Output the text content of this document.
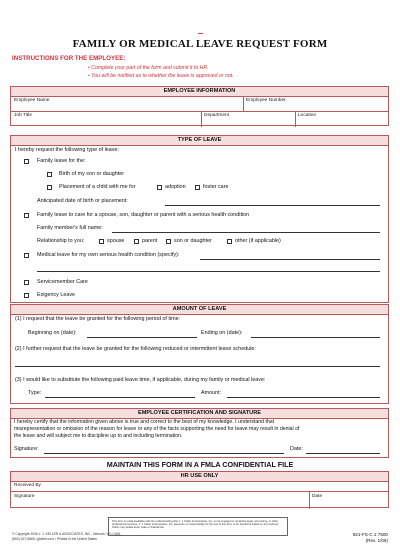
FAMILY OR MEDICAL LEAVE REQUEST FORM
INSTRUCTIONS FOR THE EMPLOYEE:
• Complete your part of the form and submit it to HR.
• You will be notified as to whether the leave is approved or not.
EMPLOYEE INFORMATION
Employee Name	Employee Number
Job Title	Department	Location
TYPE OF LEAVE
I hereby request the following type of leave:
Family leave for the:
Birth of my son or daughter
Placement of a child with me for	adoption	foster care
Anticipated date of birth or placement:
Family leave to care for a spouse, son, daughter or parent with a serious health condition
Family member's full name:
Relationship to you:	spouse	parent	son or daughter	other (if applicable)
Medical leave for my own serious health condition (specify):
Servicemember Care
Exigency Leave
AMOUNT OF LEAVE
(1) I request that the leave be granted for the following period of time:
Beginning on (date):	Ending on (date):
(2) I further request that the leave be granted for the following reduced or intermittent leave schedule:
(3) I would like to substitute the following paid leave time, if applicable, during my family or medical leave:
Type:	Amount:
EMPLOYEE CERTIFICATION AND SIGNATURE
I hereby certify that the information given above is true and correct to the best of my knowledge. I understand that
misrepresentation or omission of the reason for leave or any of the facts supporting the need for leave may result in denial of
the leave and will subject me to discipline up to and including termination.
Signature:	Date:
MAINTAIN THIS FORM IN A FMLA CONFIDENTIAL FILE
HR USE ONLY
Received By
Signature	Date
© Copyright 2006 J. J. KELLER & ASSOCIATES, INC., Neenah, WI • USA
(800) 327-6868 • jjkeller.com • Printed in the United States
This form is made available with the understanding that J. J. Keller & Associates, Inc. is not engaged in rendering legal, accounting, or other professional services. J. J. Keller & Associates, Inc. assumes no responsibility for the use of this form or for decisions based on an employer which may violate local, state or federal law.
921-FS-C 2 7500
(Rev. 1/09)
